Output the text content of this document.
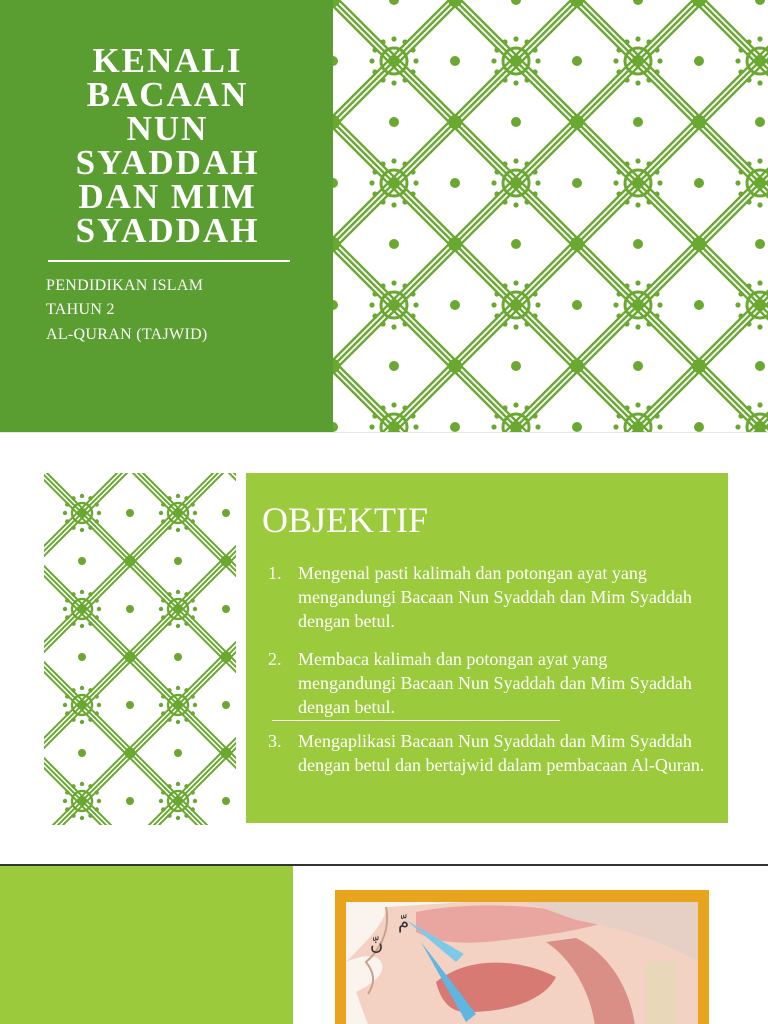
KENALI
BACAAN
NUN
SYADDAH
DAN MIM
SYADDAH
PENDIDIKAN ISLAM
TAHUN 2
AL-QURAN (TAJWID)
OBJEKTIF
1. Mengenal pasti kalimah dan potongan ayat yang mengandungi Bacaan Nun Syaddah dan Mim Syaddah dengan betul.
2. Membaca kalimah dan potongan ayat yang mengandungi Bacaan Nun Syaddah dan Mim Syaddah dengan betul.
3. Mengaplikasi Bacaan Nun Syaddah dan Mim Syaddah dengan betul dan bertajwid dalam pembacaan Al-Quran.
مّ
نّ
